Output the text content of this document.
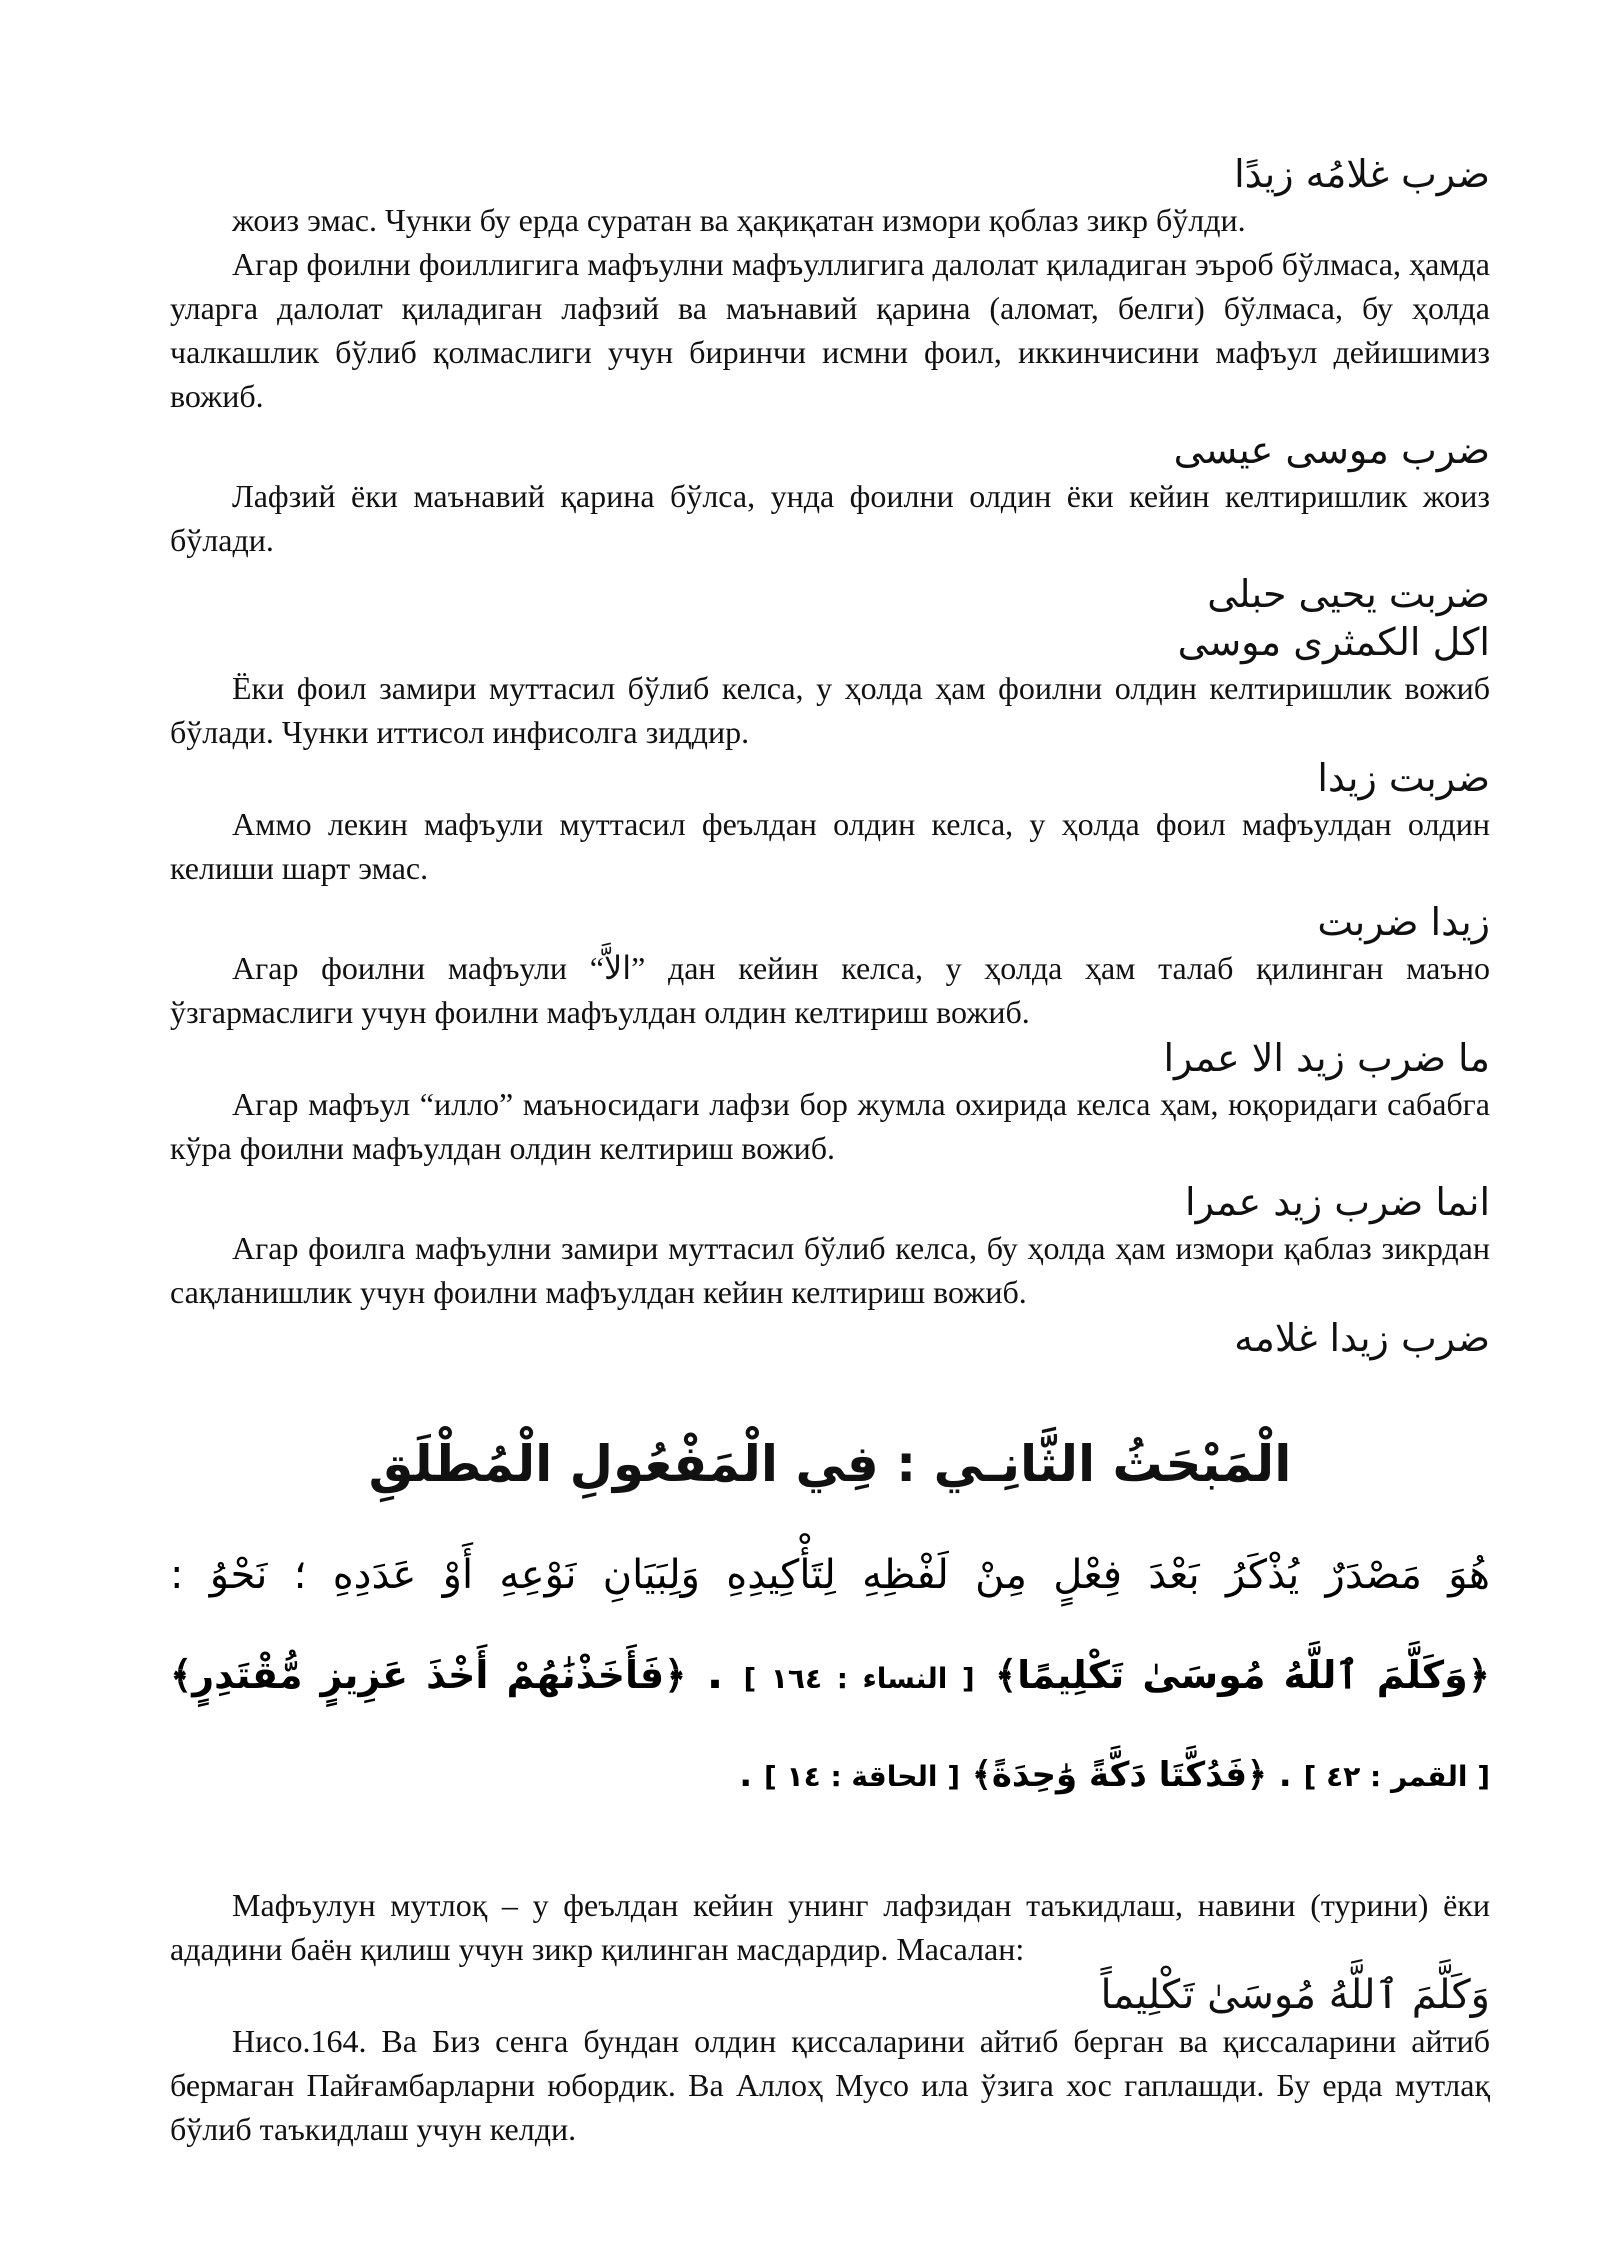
ضرب غلامُه زيدًا

жоиз эмас. Чунки бу ерда суратан ва ҳақиқатан измори қоблаз зикр бўлди.

Агар фоилни фоиллигига мафъулни мафъуллигига далолат қиладиган эъроб бўлмаса, ҳамда уларга далолат қиладиган лафзий ва маънавий қарина (аломат, белги) бўлмаса, бу ҳолда чалкашлик бўлиб қолмаслиги учун биринчи исмни фоил, иккинчисини мафъул дейишимиз вожиб.

ضرب موسى عيسى

Лафзий ёки маънавий қарина бўлса, унда фоилни олдин ёки кейин келтиришлик жоиз бўлади.

ضربت يحيى حبلى

اكل الكمثرى موسى

Ёки фоил замири муттасил бўлиб келса, у ҳолда ҳам фоилни олдин келтиришлик вожиб бўлади. Чунки иттисол инфисолга зиддир.

ضربت زيدا

Аммо лекин мафъули муттасил феълдан олдин келса, у ҳолда фоил мафъулдан олдин келиши шарт эмас.

زيدا ضربت

Агар фоилни мафъули “الاَّ” дан кейин келса, у ҳолда ҳам талаб қилинган маъно ўзгармаслиги учун фоилни мафъулдан олдин келтириш вожиб.

ما ضرب زيد الا عمرا

Агар мафъул “илло” маъносидаги лафзи бор жумла охирида келса ҳам, юқоридаги сабабга кўра фоилни мафъулдан олдин келтириш вожиб.

انما ضرب زيد عمرا

Агар фоилга мафъулни замири муттасил бўлиб келса, бу ҳолда ҳам измори қаблаз зикрдан сақланишлик учун фоилни мафъулдан кейин келтириш вожиб.

ضرب زيدا غلامه

الْمَبْحَثُ الثَّانِـي : فِي الْمَفْعُولِ الْمُطْلَقِ

هُوَ مَصْدَرٌ يُذْكَرُ بَعْدَ فِعْلٍ مِنْ لَفْظِهِ لِتَأْكِيدِهِ وَلِبَيَانِ نَوْعِهِ أَوْ عَدَدِهِ ؛ نَحْوُ :

﴿وَكَلَّمَ ٱللَّهُ مُوسَىٰ تَكْلِيمًا﴾ [ النساء : ١٦٤ ] . ﴿فَأَخَذْنَٰهُمْ أَخْذَ عَزِيزٍ مُّقْتَدِرٍ﴾

[ القمر : ٤٢ ] . ﴿فَدُكَّتَا دَكَّةً وَٰحِدَةً﴾ [ الحاقة : ١٤ ] .

Мафъулун мутлоқ – у феълдан кейин унинг лафзидан таъкидлаш, навини (турини) ёки ададини баён қилиш учун зикр қилинган масдардир. Масалан:

وَكَلَّمَ ٱللَّهُ مُوسَىٰ تَكْلِيماً

Нисо.164. Ва Биз сенга бундан олдин қиссаларини айтиб берган ва қиссаларини айтиб бермаган Пайғамбарларни юбордик. Ва Аллоҳ Мусо ила ўзига хос гаплашди. Бу ерда мутлақ бўлиб таъкидлаш учун келди.
